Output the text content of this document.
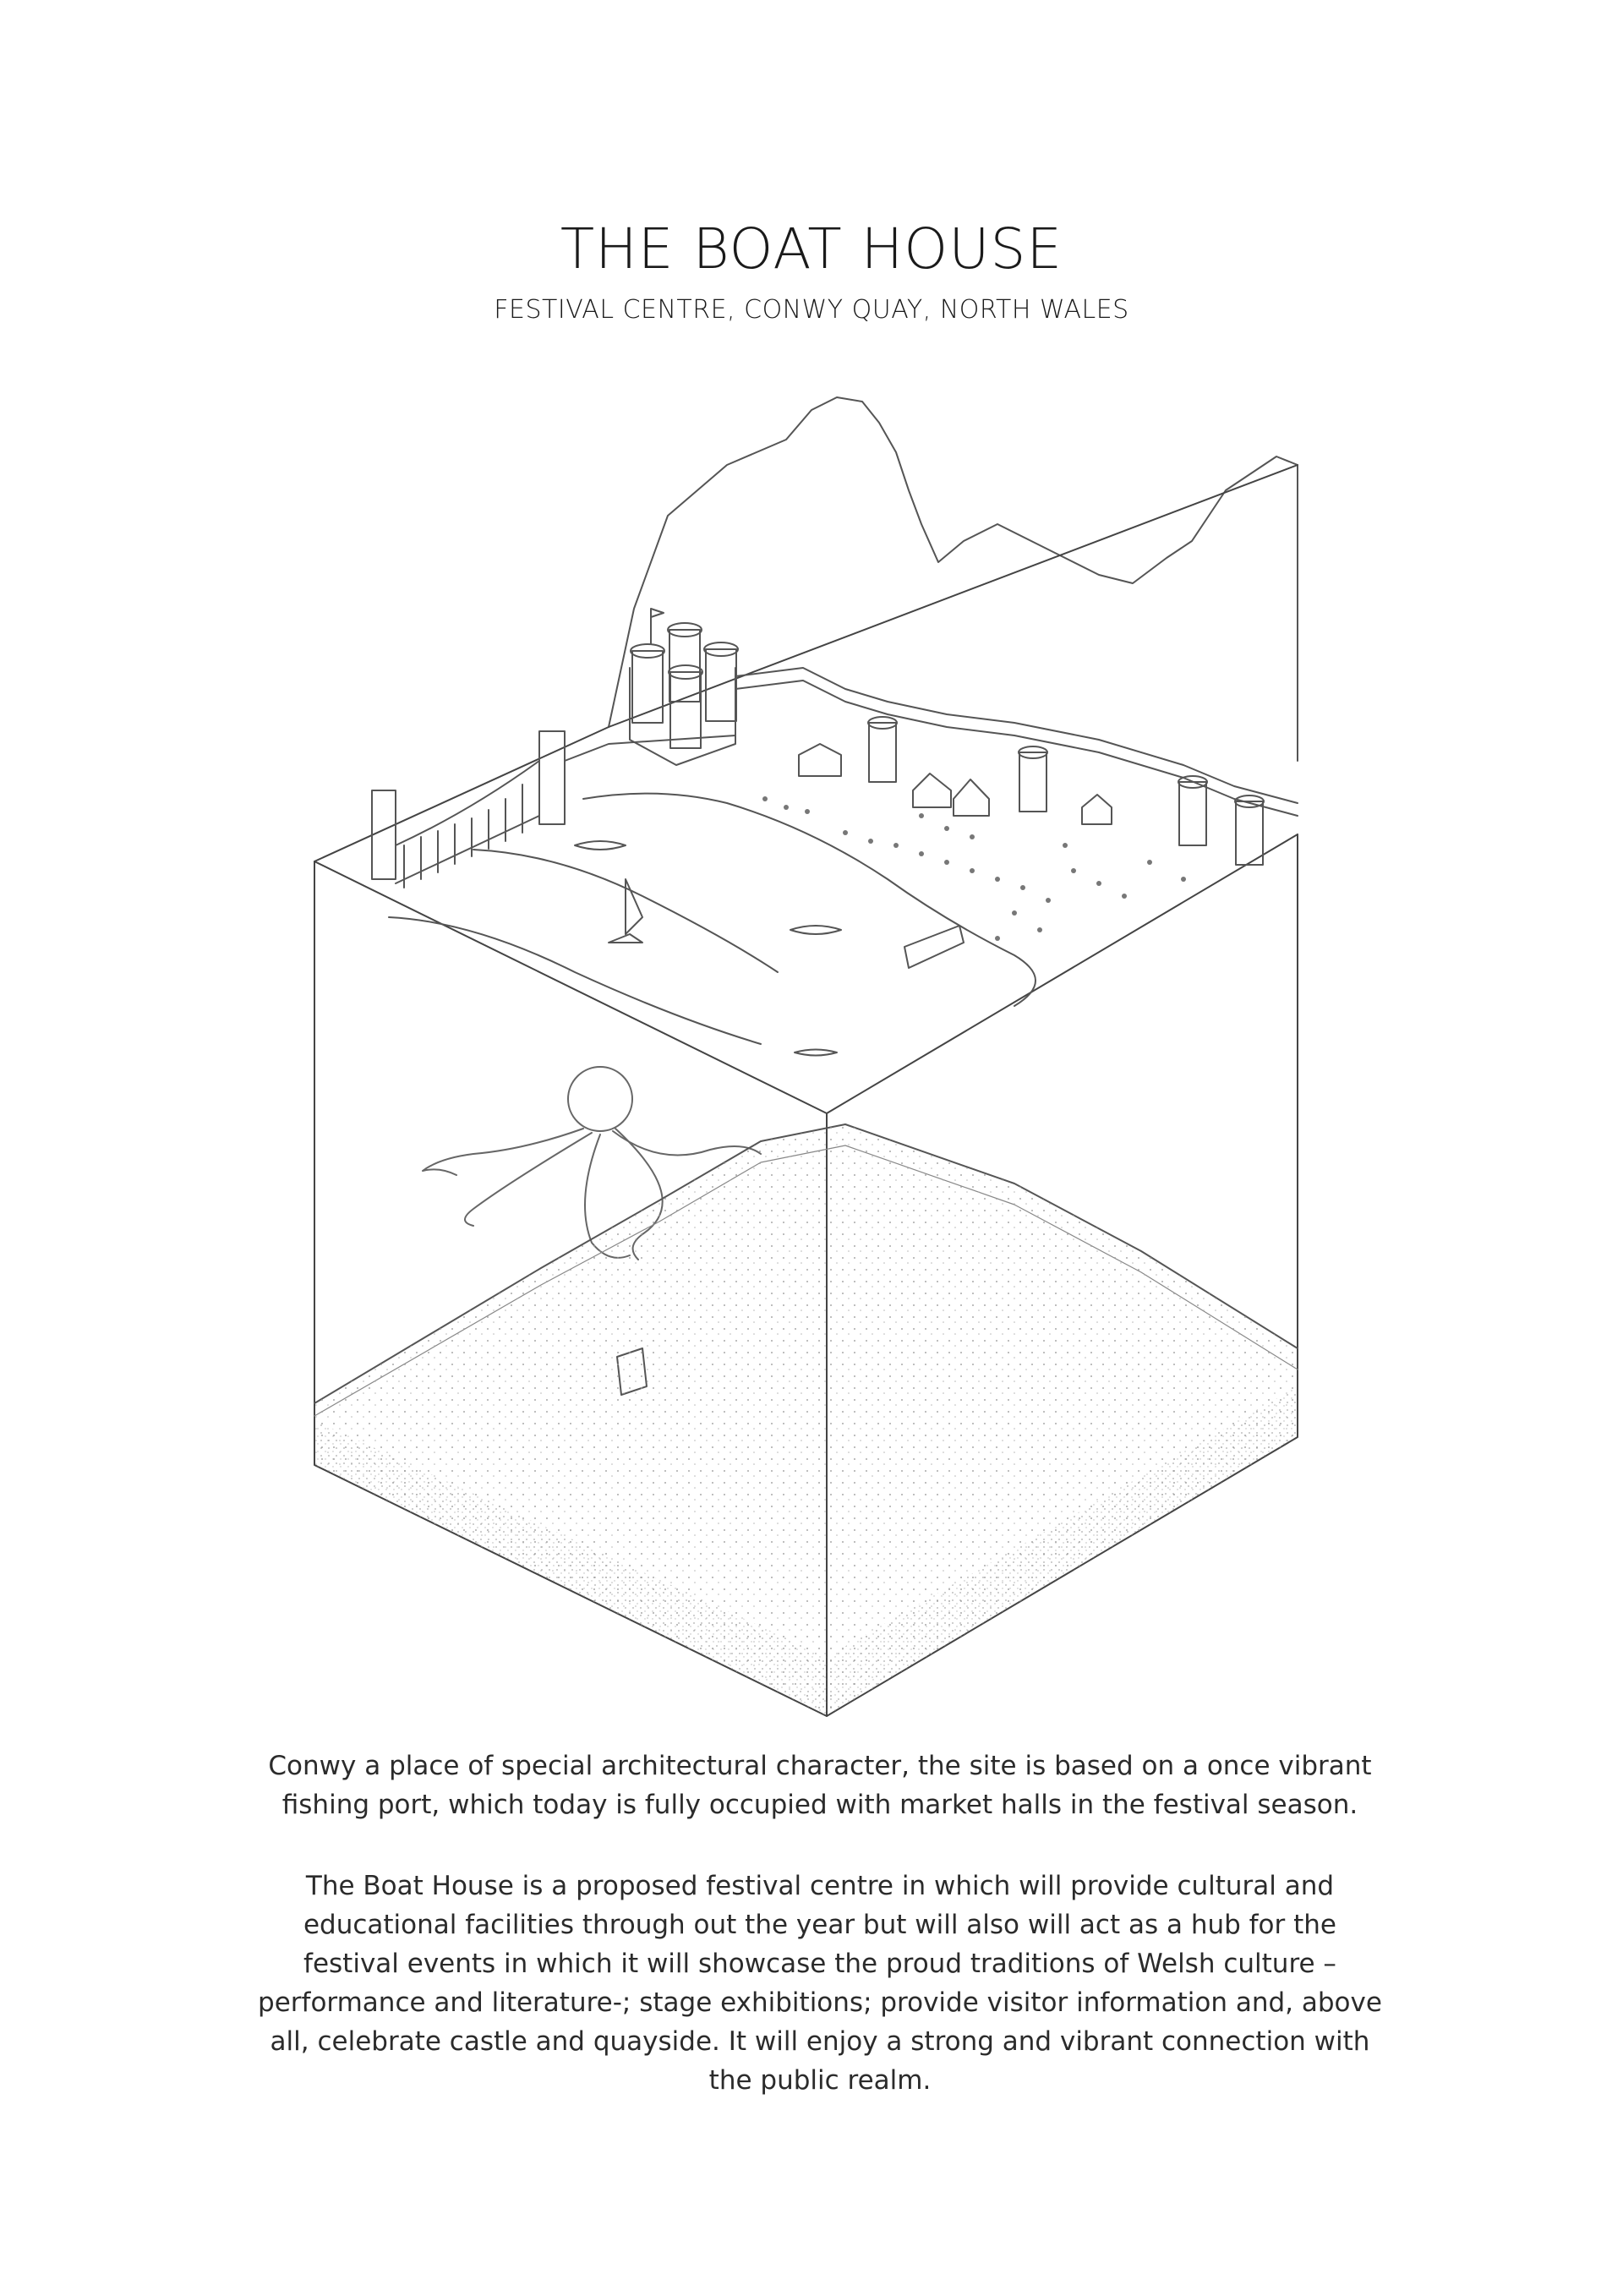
THE BOAT HOUSE
FESTIVAL CENTRE, CONWY QUAY, NORTH WALES
Conwy a place of special architectural character, the site is based on a once vibrant fishing port, which today is fully occupied with market halls in the festival season.
The Boat House is a proposed festival centre in which will provide cultural and educational facilities through out the year but will also will act as a hub for the festival events in which it will showcase the proud traditions of Welsh culture –performance and literature-; stage exhibitions; provide visitor information and, above all, celebrate castle and quayside. It will enjoy a strong and vibrant connection with the public realm.
